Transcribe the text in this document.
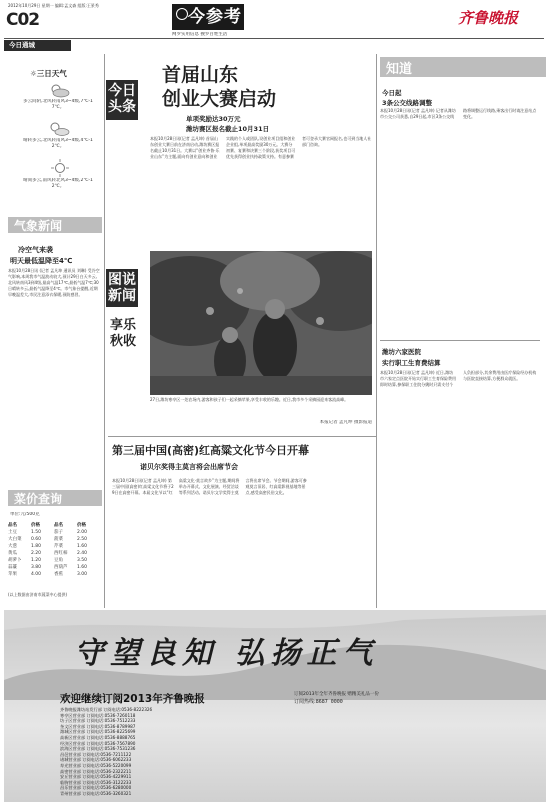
2012年10月29日 星期一 编辑:孟文森 组版:王景秀
C02	今参考
网罗实用信息 搜罗百姓生活
齐鲁晚报
今日通城
☼三日天气
多云间阴,北风转南风3~4级,7℃-17℃。
晴转多云,北风转南风3~4级,4℃-12℃。
晴间多云,南风转北风3~4级,2℃-12℃。
气象新闻
冷空气来袭
明天最低温降至4℃
本报10月28日讯 (记者 孟凡坤 通讯员 刘琳) 受冷空气影响,本周我市气温波动较大,预计29日白天多云,北风转南风3到4级,最高气温17℃,最低气温7℃;30日晴转多云,最低气温降至4℃。市气象台提醒,近期早晚温差大,市民注意添衣保暖,预防感冒。
菜价查询
单位:元/500克
品名	价格	品名	价格
土豆	1.50	茄子	2.00
大白菜	0.60	菠菜	2.50
大葱	1.80	芹菜	1.60
黄瓜	2.20	西红柿	2.40
胡萝卜	1.20	豆角	3.50
蒜薹	3.80	西葫芦	1.60
苹果	4.00	香蕉	3.00
(以上数据由济南市蔬菜中心提供)
今日头条
首届山东
创业大赛启动
单项奖励达30万元
潍坊赛区报名截止10月31日
本报10月28日讯(记者 孟凡坤) 首届山东创业大赛日前在济南启动,潍坊赛区报名截止10月31日。大赛以“创业齐鲁·乐业山东”为主题,面向有创业意向和创业实践的个人或团队,设创业项目组和创业企业组,单项最高奖励30万元。大赛分初赛、复赛和决赛三个阶段,获奖项目可优先获得创业扶持政策支持。有意参赛者可登录大赛官网报名,也可到当地人社部门咨询。
图说新闻
享乐秋收
27日,潍坊寒亭区一处农场内,游客和孩子们一起采摘苹果,享受丰收的乐趣。近日,我市多个采摘园迎来客流高峰。
本报记者 孟凡坤 摄影报道
第三届中国(高密)红高粱文化节今日开幕
诺贝尔奖得主莫言将会出席节会
本报10月28日讯(记者 孟凡坤) 第三届中国(高密)红高粱文化节将于29日在高密开幕。本届文化节以“红高粱文化·莫言故乡”为主题,期间将举办开幕式、文化展演、经贸洽谈等系列活动。诺贝尔文学奖得主莫言将出席节会。节会期间,游客可参观莫言旧居、红高粱影视基地等景点,感受高密民俗文化。
知道
今日起
3条公交线路调整
本报10月28日讯(记者 孟凡坤) 记者从潍坊市公交公司获悉,自29日起,市区3条公交线路将调整运行线路,乘客出行时请注意站点变化。
潍坊六家医院
实行职工生育费结算
本报10月28日讯(记者 孟凡坤) 近日,潍坊市六家定点医院开始实行职工生育保险费用即时结算,参保职工住院分娩时只需支付个人负担部分,其余费用由医疗保险经办机构与医院直接结算,方便群众就医。
守望良知 弘扬正气
欢迎继续订阅2013年齐鲁晚报	订阅2013年全年齐鲁晚报 赠精美礼品一份
订阅热线:8687 0000
齐鲁晚报潍坊站发行部 订阅电话:0536-8222326
寒亭区营业部 订阅电话:0536-7260118
坊子区营业部 订阅电话:0536-7512233
奎文区营业部 订阅电话:0536-8789987
潍城区营业部 订阅电话:0536-8225699
高新区营业部 订阅电话:0536-8888765
经济区营业部 订阅电话:0536-7567890
滨海区营业部 订阅电话:0536-7531236
昌邑营业部 订阅电话:0536-7211122
诸城营业部 订阅电话:0536-6062233
寿光营业部 订阅电话:0536-5220099
高密营业部 订阅电话:0536-2322211
安丘营业部 订阅电话:0536-4229911
临朐营业部 订阅电话:0536-3122233
昌乐营业部 订阅电话:0536-6280000
青州营业部 订阅电话:0536-3260321
